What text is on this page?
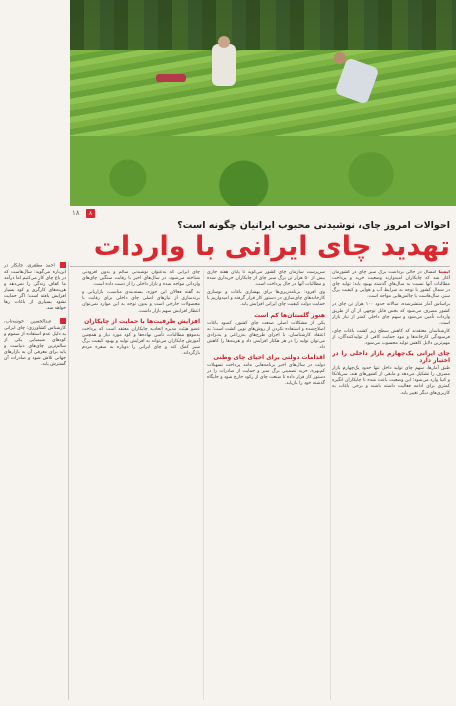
۱۸	۸
احوالات امروز چای، نوشیدنی محبوب ایرانیان چگونه است؟
تهدید چای ایرانی با واردات

ایسنا امسال در حالی برداشت برگ سبز چای در کشورمان آغاز شد که چایکاران امیدوارند وضعیت خرید و پرداخت مطالبات آنها نسبت به سال‌های گذشته بهبود یابد؛ تولید چای در شمال کشور با توجه به شرایط آب و هوایی و کیفیت برگ سبز، سال‌هاست با چالش‌هایی مواجه است.

براساس آمار منتشرشده، سالانه حدود ۱۰۰ هزار تن چای در کشور مصرف می‌شود که بخش قابل توجهی از آن از طریق واردات تأمین می‌شود و سهم چای داخلی کمتر از نیاز بازار است.

کارشناسان معتقدند که کاهش سطح زیر کشت باغات چای، فرسودگی کارخانه‌ها و نبود حمایت کافی از تولیدکنندگان، از مهم‌ترین دلایل کاهش تولید محسوب می‌شود.

چای ایرانی یک‌چهارم بازار داخلی را در اختیار دارد

طبق آمارها، سهم چای تولید داخل تنها حدود یک‌چهارم بازار مصرف را تشکیل می‌دهد و مابقی از کشورهای هند، سریلانکا و کنیا وارد می‌شود؛ این وضعیت باعث شده تا چایکاران انگیزه کمتری برای ادامه فعالیت داشته باشند و برخی باغات به کاربری‌های دیگر تغییر یابد.

سرپرست سازمان چای کشور می‌گوید تا پایان هفته جاری بیش از ۵۰ هزار تن برگ سبز چای از چایکاران خریداری شده و مطالبات آنها در حال پرداخت است.

وی افزود: برنامه‌ریزی‌ها برای بهسازی باغات و نوسازی کارخانه‌های چای‌سازی در دستور کار قرار گرفته و امیدواریم با حمایت دولت کیفیت چای ایرانی افزایش یابد.

هنوز گلستان‌ها کم است

یکی از مشکلات اصلی صنعت چای کشور، کمبود باغات اصلاح‌شده و استفاده نکردن از روش‌های نوین کشت است؛ به اعتقاد کارشناسان، با اجرای طرح‌های به‌زراعی و به‌نژادی می‌توان تولید را در هر هکتار افزایش داد و هزینه‌ها را کاهش داد.

اقدامات دولتی برای احیای چای وطنی

دولت در سال‌های اخیر برنامه‌هایی مانند پرداخت تسهیلات کم‌بهره، خرید تضمینی برگ سبز و حمایت از صادرات را در دستور کار قرار داده تا صنعت چای از رکود خارج شود و جایگاه گذشته خود را بازیابد.

چای ایرانی که به‌عنوان نوشیدنی سالم و بدون افزودنی شناخته می‌شود، در سال‌های اخیر با رقابت سنگین چای‌های وارداتی مواجه شده و بازار داخلی را از دست داده است.

به گفته فعالان این حوزه، بسته‌بندی مناسب، بازاریابی و برندسازی از نیازهای اصلی چای داخلی برای رقابت با محصولات خارجی است و بدون توجه به این موارد نمی‌توان انتظار افزایش سهم بازار داشت.

افزایش ظرفیت‌ها با حمایت از چایکاران

عضو هیئت مدیره اتحادیه چایکاران معتقد است که پرداخت به‌موقع مطالبات، تأمین نهاده‌ها و کود مورد نیاز و همچنین آموزش چایکاران می‌تواند به افزایش تولید و بهبود کیفیت برگ سبز کمک کند و چای ایرانی را دوباره به سفره مردم بازگرداند.

احمد مظفری، چایکار در این‌باره می‌گوید: سال‌هاست که در باغ چای کار می‌کنیم اما درآمد ما کفاف زندگی را نمی‌دهد و هزینه‌های کارگری و کود بسیار افزایش یافته است؛ اگر حمایت نشود بسیاری از باغات رها خواهد شد.
عبدالحسین خوشه‌تاب، کارشناس کشاورزی: چای ایرانی به دلیل عدم استفاده از سموم و کودهای شیمیایی یکی از سالم‌ترین چای‌های دنیاست و باید برای معرفی آن به بازارهای جهانی تلاش شود و صادرات آن گسترش یابد.
